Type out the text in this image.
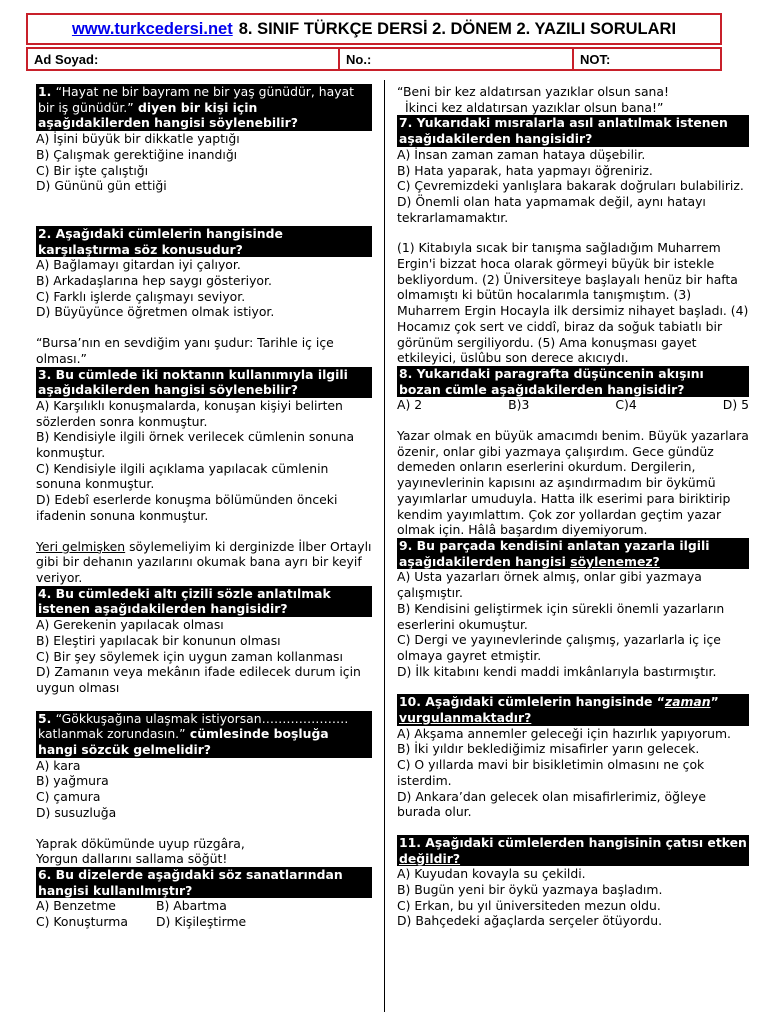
www.turkcedersi.net 8. SINIF TÜRKÇE DERSİ 2. DÖNEM 2. YAZILI SORULARI
Ad Soyad:	No.:	NOT:

1. “Hayat ne bir bayram ne bir yaş günüdür, hayat bir iş günüdür.” diyen bir kişi için aşağıdakilerden hangisi söylenebilir?

A) İşini büyük bir dikkatle yaptığı

B) Çalışmak gerektiğine inandığı

C) Bir işte çalıştığı

D) Gününü gün ettiği

2. Aşağıdaki cümlelerin hangisinde karşılaştırma söz konusudur?

A) Bağlamayı gitardan iyi çalıyor.

B) Arkadaşlarına hep saygı gösteriyor.

C) Farklı işlerde çalışmayı seviyor.

D) Büyüyünce öğretmen olmak istiyor.

“Bursa’nın en sevdiğim yanı şudur: Tarihle iç içe olması.”

3. Bu cümlede iki noktanın kullanımıyla ilgili aşağıdakilerden hangisi söylenebilir?

A) Karşılıklı konuşmalarda, konuşan kişiyi belirten sözlerden sonra konmuştur.

B) Kendisiyle ilgili örnek verilecek cümlenin sonuna konmuştur.

C) Kendisiyle ilgili açıklama yapılacak cümlenin sonuna konmuştur.

D) Edebî eserlerde konuşma bölümünden önceki ifadenin sonuna konmuştur.

Yeri gelmişken söylemeliyim ki derginizde İlber Ortaylı gibi bir dehanın yazılarını okumak bana ayrı bir keyif veriyor.

4. Bu cümledeki altı çizili sözle anlatılmak istenen aşağıdakilerden hangisidir?

A) Gerekenin yapılacak olması

B) Eleştiri yapılacak bir konunun olması

C) Bir şey söylemek için uygun zaman kollanması

D) Zamanın veya mekânın ifade edilecek durum için uygun olması

5. “Gökkuşağına ulaşmak istiyorsan………………… katlanmak zorundasın.” cümlesinde boşluğa hangi sözcük gelmelidir?

A) kara

B) yağmura

C) çamura

D) susuzluğa

Yaprak dökümünde uyup rüzgâra,

Yorgun dallarını sallama söğüt!

6. Bu dizelerde aşağıdaki söz sanatlarından hangisi kullanılmıştır?

A) Benzetme	B) Abartma

C) Konuşturma	D) Kişileştirme

“Beni bir kez aldatırsan yazıklar olsun sana!

İkinci kez aldatırsan yazıklar olsun bana!”

7. Yukarıdaki mısralarla asıl anlatılmak istenen aşağıdakilerden hangisidir?

A) İnsan zaman zaman hataya düşebilir.

B) Hata yaparak, hata yapmayı öğreniriz.

C) Çevremizdeki yanlışlara bakarak doğruları bulabiliriz.

D) Önemli olan hata yapmamak değil, aynı hatayı tekrarlamamaktır.

(1) Kitabıyla sıcak bir tanışma sağladığım Muharrem Ergin'i bizzat hoca olarak görmeyi büyük bir istekle bekliyordum. (2) Üniversiteye başlayalı henüz bir hafta olmamıştı ki bütün hocalarımla tanışmıştım. (3) Muharrem Ergin Hocayla ilk dersimiz nihayet başladı. (4) Hocamız çok sert ve ciddî, biraz da soğuk tabiatlı bir görünüm sergiliyordu. (5) Ama konuşması gayet etkileyici, üslûbu son derece akıcıydı.

8. Yukarıdaki paragrafta düşüncenin akışını bozan cümle aşağıdakilerden hangisidir?

A) 2	B)3	C)4	D) 5

Yazar olmak en büyük amacımdı benim. Büyük yazarlara özenir, onlar gibi yazmaya çalışırdım. Gece gündüz demeden onların eserlerini okurdum. Dergilerin, yayınevlerinin kapısını az aşındırmadım bir öykümü yayımlarlar umuduyla. Hatta ilk eserimi para biriktirip kendim yayımlattım. Çok zor yollardan geçtim yazar olmak için. Hâlâ başardım diyemiyorum.

9. Bu parçada kendisini anlatan yazarla ilgili aşağıdakilerden hangisi söylenemez?

A) Usta yazarları örnek almış, onlar gibi yazmaya çalışmıştır.

B) Kendisini geliştirmek için sürekli önemli yazarların eserlerini okumuştur.

C) Dergi ve yayınevlerinde çalışmış, yazarlarla iç içe olmaya gayret etmiştir.

D) İlk kitabını kendi maddi imkânlarıyla bastırmıştır.

10. Aşağıdaki cümlelerin hangisinde “zaman” vurgulanmaktadır?

A) Akşama annemler geleceği için hazırlık yapıyorum.

B) İki yıldır beklediğimiz misafirler yarın gelecek.

C) O yıllarda mavi bir bisikletimin olmasını ne çok isterdim.

D) Ankara’dan gelecek olan misafirlerimiz, öğleye burada olur.

11. Aşağıdaki cümlelerden hangisinin çatısı etken değildir?

A) Kuyudan kovayla su çekildi.

B) Bugün yeni bir öykü yazmaya başladım.

C) Erkan, bu yıl üniversiteden mezun oldu.

D) Bahçedeki ağaçlarda serçeler ötüyordu.
